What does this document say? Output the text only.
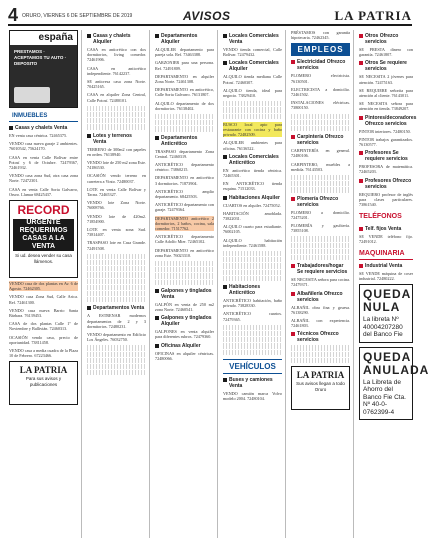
4 ORURO, VIERNES 6 DE SEPTIEMBRE DE 2019	AVISOS	LA PATRIA
españa
PRESTAMOS · ACEPTAMOS TU AUTO · DEPOSITO
INMUEBLES
Casas y chalets Venta
EN venta casa céntrica. 72465375.
VENDO casa nueva garaje 2 ambientes. 76010542, 75624170.
CASA en venta Calle Bolívar entre Potosí y 6 de Octubre. 72479367, 72461932.
VENDO casa zona Sud, otra casa zona Norte. 72472301.
CASA en venta Calle Soria Galvarro, Oruro. Llamar 68425437.
RECORD
URGENTE REQUERIMOS CASAS A LA VENTA
Si ud. desea vender su casa llámenos.
VENDO casa de dos plantas en Av. 6 de Agosto. 72462305.
VENDO casa Zona Sud, Calle Arica. Ref. 72461300.
VENDO casa nueva Barrio Santa Bárbara. 76139453.
CASA de dos plantas Calle 1º de Noviembre y Ballivián. 72460313.
OCASIÓN vendo casa, precio de oportunidad. 73811458.
VENDO casa a media cuadra de la Plaza 10 de Febrero. 67223466.
LA PATRIA
Para sus avisos y publicaciones
Casas y chalets Alquiler
CASA en anticrético con dos dormitorios, living comedor. 72461906.
CASA en anticrético independiente. 76142237.
SE anticresa casa zona Norte. 70425165.
CASA en alquiler Zona Central, Calle Potosí. 72480101.
Lotes y terrenos Venta
TERRENO de 300m2 con papeles en orden. 76138940.
VENDO lote de 250 m2 zona Este. 74186530.
OCASIÓN vendo terreno en carretera a Vinto. 72480037.
LOTE en venta Calle Bolívar y Tacna. 72465327.
VENDO lote Zona Norte. 76008766.
VENDO lote de 420m2. 71854900.
LOTE en venta zona Sud. 73814407.
TRASPASO lote en Casa Grande. 72491508.
Departamentos Venta
A ESTRENAR modernos departamentos de 2 y 3 dormitorios. 72480231.
VENDO departamento en Edificio Los Ángeles. 76032750.
Departamentos Alquiler
ALQUILER departamento para pareja sola. Ref. 73463388.
GARZONIER para una persona. Ref. 72491809.
DEPARTAMENTO en alquiler Zona Norte. 72461308.
DEPARTAMENTO en anticrético, Calle Soria Galvarro. 76131807.
ALQUILO departamento de dos dormitorios. 76138402.
Departamentos Anticrético
TRASPASO departamento Zona Central. 72460319.
ANTICRÉTICO departamento céntrico. 73860215.
DEPARTAMENTO en anticrético 3 dormitorios. 71873904.
ANTICRÉTICO amplio departamento. 68425503.
ANTICRÉTICO departamento con garaje. 72479364.
DEPARTAMENTO anticrético 2 dormitorios, 2 baños, cocina, sala comedor. 71517762.
ANTICRÉTICO departamento Calle Adolfo Mier. 72465102.
DEPARTAMENTO en anticrético zona Este. 76023310.
Galpones y tinglados Venta
GALPÓN en venta de 250 m2 zona Norte. 72460541.
Galpones y tinglados Alquiler
GALPONES en venta alquiler para diferentes rubros. 72479360.
Oficinas Alquiler
OFICINAS en alquiler céntricas. 72480066.
Locales Comerciales Venta
VENDO tienda comercial, Calle Bolívar. 72479432.
Locales Comerciales Alquiler
ALQUILO tienda mediana Calle Potosí. 72460307.
ALQUILO tienda, ideal para negocio. 73829410.
BUSCO local apto para restaurante con cocina y baño privado. 72482509.
ALQUILER ambientes para oficina. 76136522.
Locales Comerciales Anticrético
EN anticrético tienda céntrica. 72465301.
EN ANTICRÉTICO tienda esquina. 71512033.
Habitaciones Alquiler
CUARTOS en alquiler. 72475052.
HABITACIÓN amoblada. 73822031.
ALQUILO cuarto para estudiante. 76002105.
ALQUILO habitación independiente. 72461588.
Habitaciones Anticrético
ANTICRÉTICO habitación, baño privado. 73828330.
ANTICRÉTICO cuartos. 72479365.
VEHÍCULOS
Buses y camiones Venta
VENDO camión marca Volvo modelo 2004. 72480104.
PRÉSTAMOS con garantía hipotecaria. 72462345.
EMPLEOS
Electricidad Ofrezco servicios
PLOMERO electricista. 76130501.
ELECTRICISTA a domicilio. 72461502.
INSTALACIONES eléctricas. 73800150.
Carpintería Ofrezco servicios
CARPINTERÍA en general. 72480106.
CARPINTERO, muebles a medida. 76143503.
Plomería Ofrezco servicios
PLOMERO a domicilio. 72475201.
PLOMERÍA y gasfitería. 73855108.
Trabajadores/hogar Se requiere servicios
SE NECESITA señora para cocina. 72479371.
Albañilería Ofrezco servicios
ALBAÑIL obra fina y gruesa. 76138290.
ALBAÑIL con experiencia. 72461803.
Técnicos Ofrezco servicios
LA PATRIA
Sus avisos llegan a todo Oruro
Otros Ofrezco servicios
SE PRESTA dinero con garantía. 72461807.
Otros Se requiere servicios
SE NECESITA 2 jóvenes para atención. 72475163.
SE REQUIERE señorita para atención al cliente. 76143011.
SE NECESITA señora para atención en tienda. 73849207.
Pintores/decoradores Ofrezco servicios
PINTOR interiores. 72480150.
PINTOR trabajos garantizados. 76130577.
Profesores Se requiere servicios
PROFESORA de matemática. 72465203.
Profesores Ofrezco servicios
REQUIERO profesor de inglés para clases particulares. 73861540.
TELÉFONOS
Telf. fijos Venta
SE VENDE teléfono fijo. 72491012.
MAQUINARIA
Industrial Venta
SE VENDE máquina de coser industrial. 72480222.
QUEDA NULA
La libreta Nº 40004207280 del Banco Fie
QUEDA ANULADA
La Libreta de Ahorro del Banco Fie Cta. Nº 40-0-0762399-4
